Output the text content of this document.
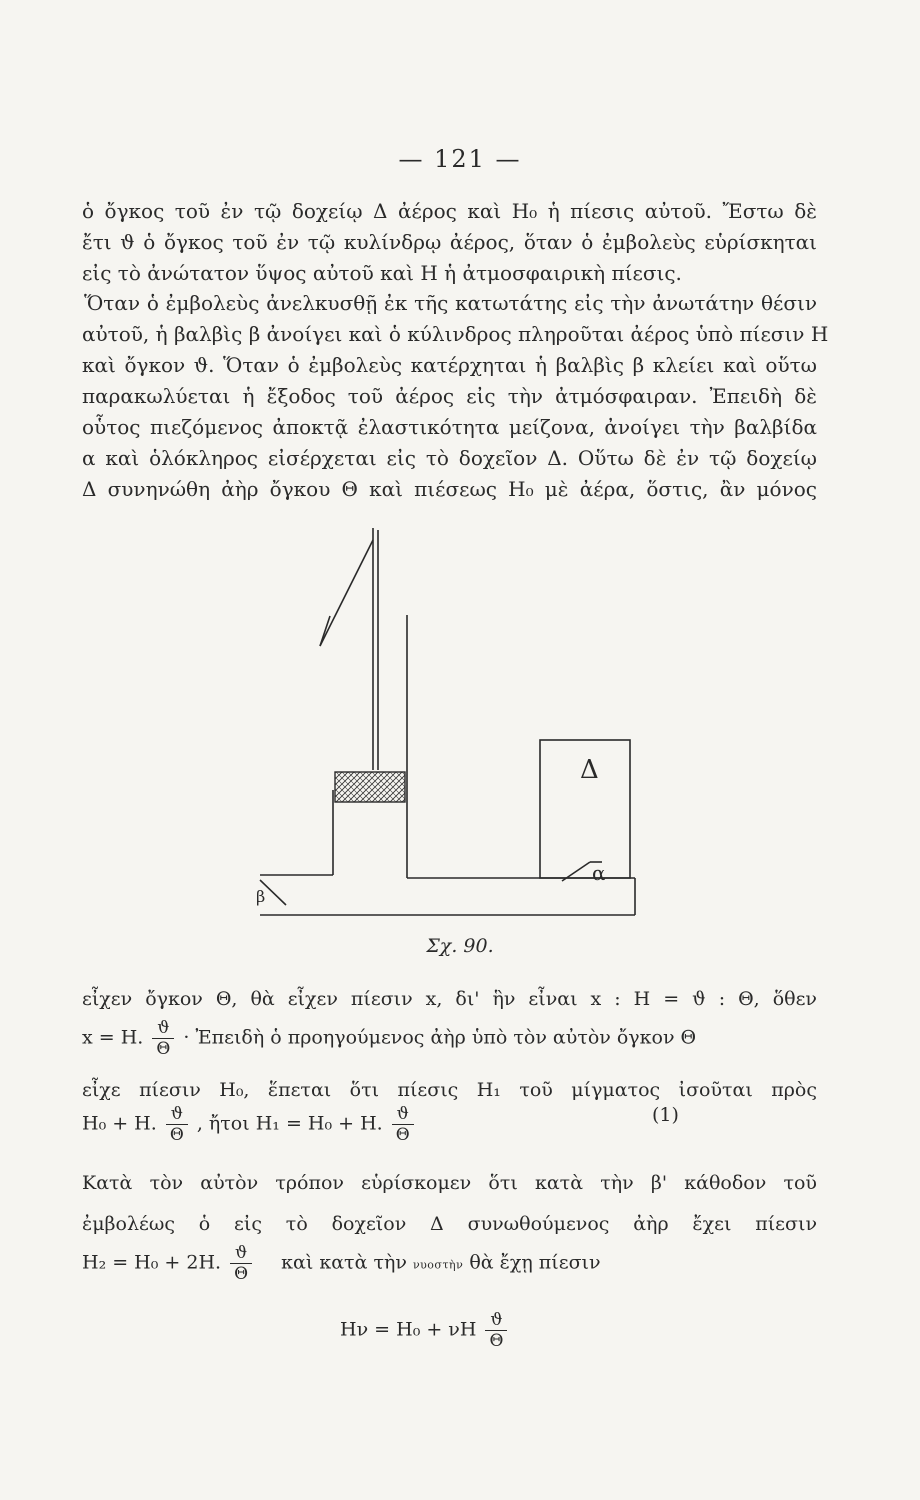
— 121 —
ὁ ὄγκος τοῦ ἐν τῷ δοχείῳ Δ ἀέρος καὶ H₀ ἡ πίεσις αὐτοῦ. Ἔστω δὲ
ἔτι ϑ ὁ ὄγκος τοῦ ἐν τῷ κυλίνδρῳ ἀέρος, ὅταν ὁ ἐμβολεὺς εὑρίσκηται
εἰς τὸ ἀνώτατον ὕψος αὐτοῦ καὶ H ἡ ἀτμοσφαιρικὴ πίεσις.
Ὅταν ὁ ἐμβολεὺς ἀνελκυσθῇ ἐκ τῆς κατωτάτης εἰς τὴν ἀνωτάτην θέσιν
αὐτοῦ, ἡ βαλβὶς β ἀνοίγει καὶ ὁ κύλινδρος πληροῦται ἀέρος ὑπὸ πίεσιν H
καὶ ὄγκον ϑ. Ὅταν ὁ ἐμβολεὺς κατέρχηται ἡ βαλβὶς β κλείει καὶ οὕτω
παρακωλύεται ἡ ἔξοδος τοῦ ἀέρος εἰς τὴν ἀτμόσφαιραν. Ἐπειδὴ δὲ
οὗτος πιεζόμενος ἀποκτᾷ ἐλαστικότητα μείζονα, ἀνοίγει τὴν βαλβίδα
α καὶ ὁλόκληρος εἰσέρχεται εἰς τὸ δοχεῖον Δ. Οὕτω δὲ ἐν τῷ δοχείῳ
Δ συνηνώθη ἀὴρ ὄγκου Θ καὶ πιέσεως H₀ μὲ ἀέρα, ὅστις, ἂν μόνος
Δ
α
β
Σχ. 90.
εἶχεν ὄγκον Θ, θὰ εἶχεν πίεσιν x, δι' ἣν εἶναι x : H = ϑ : Θ, ὅθεν
x = H. $\frac{ϑ}{\Theta}$ · Ἐπειδὴ ὁ προηγούμενος ἀὴρ ὑπὸ τὸν αὐτὸν ὄγκον Θ
εἶχε πίεσιν H₀, ἕπεται ὅτι πίεσις H₁ τοῦ μίγματος ἰσοῦται πρὸς
H₀ + H. $\frac{ϑ}{\Theta}$ , ἤτοι H₁ = H₀ + H. $\frac{ϑ}{\Theta}$	(1)
Κατὰ τὸν αὐτὸν τρόπον εὑρίσκομεν ὅτι κατὰ τὴν β' κάθοδον τοῦ
ἐμβολέως ὁ εἰς τὸ δοχεῖον Δ συνωθούμενος ἀὴρ ἔχει πίεσιν
H₂ = H₀ + 2H. $\frac{ϑ}{\Theta}$ καὶ κατὰ τὴν νυοστὴν θὰ ἔχῃ πίεσιν
Hν = H₀ + νH $\frac{ϑ}{\Theta}$
